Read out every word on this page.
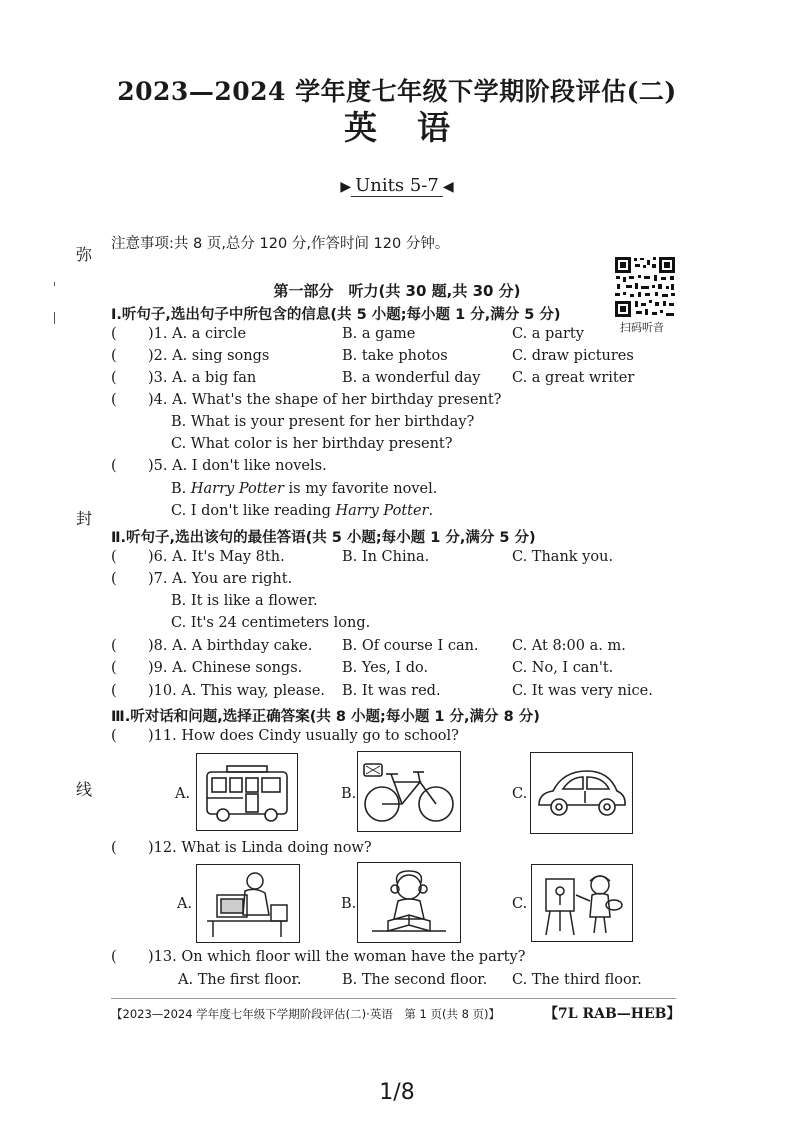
2023—2024 学年度七年级下学期阶段评估(二)
英语
▶ Units 5-7 ◀
弥
封
线
注意事项:共 8 页,总分 120 分,作答时间 120 分钟。
第一部分　听力(共 30 题,共 30 分)
扫码听音
Ⅰ.听句子,选出句子中所包含的信息(共 5 小题;每小题 1 分,满分 5 分)
( )1. A. a circle	B. a game	C. a party
( )2. A. sing songs	B. take photos	C. draw pictures
( )3. A. a big fan	B. a wonderful day C. a great writer
( )4. A. What's the shape of her birthday present?
B. What is your present for her birthday?
C. What color is her birthday present?
( )5. A. I don't like novels.
B. Harry Potter is my favorite novel.
C. I don't like reading Harry Potter.
Ⅱ.听句子,选出该句的最佳答语(共 5 小题;每小题 1 分,满分 5 分)
( )6. A. It's May 8th.	B. In China.	C. Thank you.
( )7. A. You are right.
B. It is like a flower.
C. It's 24 centimeters long.
( )8. A. A birthday cake. B. Of course I can. C. At 8:00 a. m.
( )9. A. Chinese songs.	B. Yes, I do.	C. No, I can't.
( )10. A. This way, please. B. It was red.	C. It was very nice.
Ⅲ.听对话和问题,选择正确答案(共 8 小题;每小题 1 分,满分 8 分)
( )11. How does Cindy usually go to school?
A.	B.	C.
( )12. What is Linda doing now?
A.	B.	C.
( )13. On which floor will the woman have the party?
A. The first floor.	B. The second floor. C. The third floor.
【2023—2024 学年度七年级下学期阶段评估(二)·英语　第 1 页(共 8 页)】	【7L RAB—HEB】
1/8
